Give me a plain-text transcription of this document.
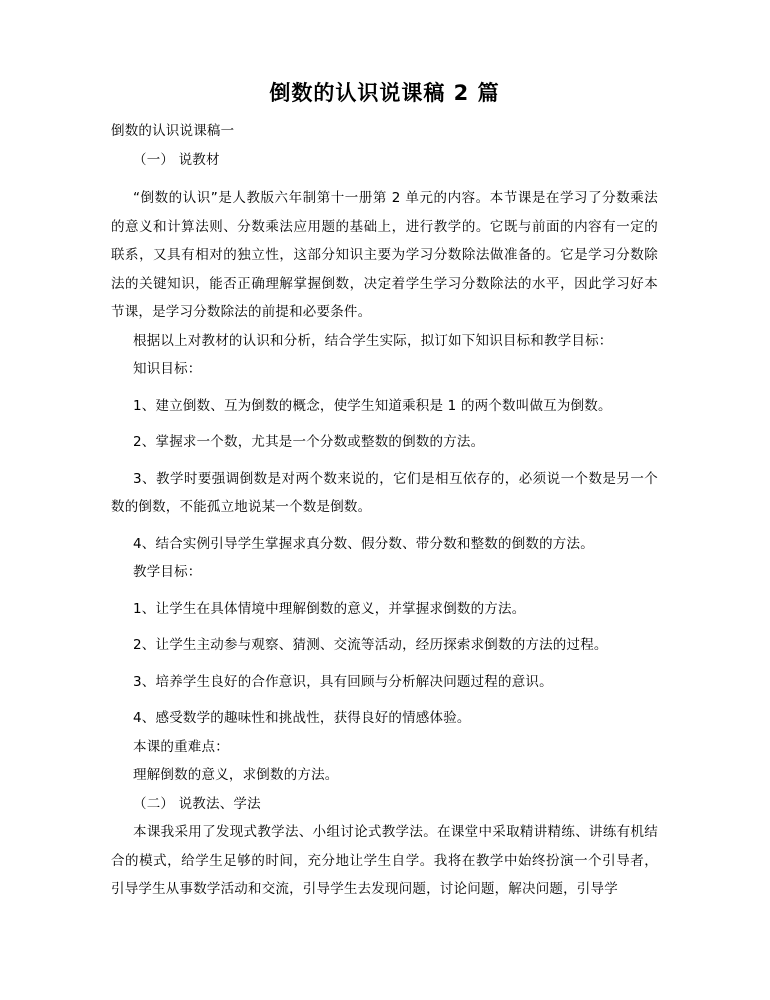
倒数的认识说课稿 2 篇

倒数的认识说课稿一

（一） 说教材

“倒数的认识”是人教版六年制第十一册第 2 单元的内容。本节课是在学习了分数乘法的意义和计算法则、分数乘法应用题的基础上，进行教学的。它既与前面的内容有一定的联系，又具有相对的独立性，这部分知识主要为学习分数除法做准备的。它是学习分数除法的关键知识，能否正确理解掌握倒数，决定着学生学习分数除法的水平，因此学习好本节课，是学习分数除法的前提和必要条件。

根据以上对教材的认识和分析，结合学生实际，拟订如下知识目标和教学目标：

知识目标：

1、建立倒数、互为倒数的概念，使学生知道乘积是 1 的两个数叫做互为倒数。

2、掌握求一个数，尤其是一个分数或整数的倒数的方法。

3、教学时要强调倒数是对两个数来说的，它们是相互依存的，必须说一个数是另一个数的倒数，不能孤立地说某一个数是倒数。

4、结合实例引导学生掌握求真分数、假分数、带分数和整数的倒数的方法。

教学目标：

1、让学生在具体情境中理解倒数的意义，并掌握求倒数的方法。

2、让学生主动参与观察、猜测、交流等活动，经历探索求倒数的方法的过程。

3、培养学生良好的合作意识，具有回顾与分析解决问题过程的意识。

4、感受数学的趣味性和挑战性，获得良好的情感体验。

本课的重难点：

理解倒数的意义，求倒数的方法。

（二） 说教法、学法

本课我采用了发现式教学法、小组讨论式教学法。在课堂中采取精讲精练、讲练有机结合的模式，给学生足够的时间，充分地让学生自学。我将在教学中始终扮演一个引导者，引导学生从事数学活动和交流，引导学生去发现问题，讨论问题，解决问题，引导学
